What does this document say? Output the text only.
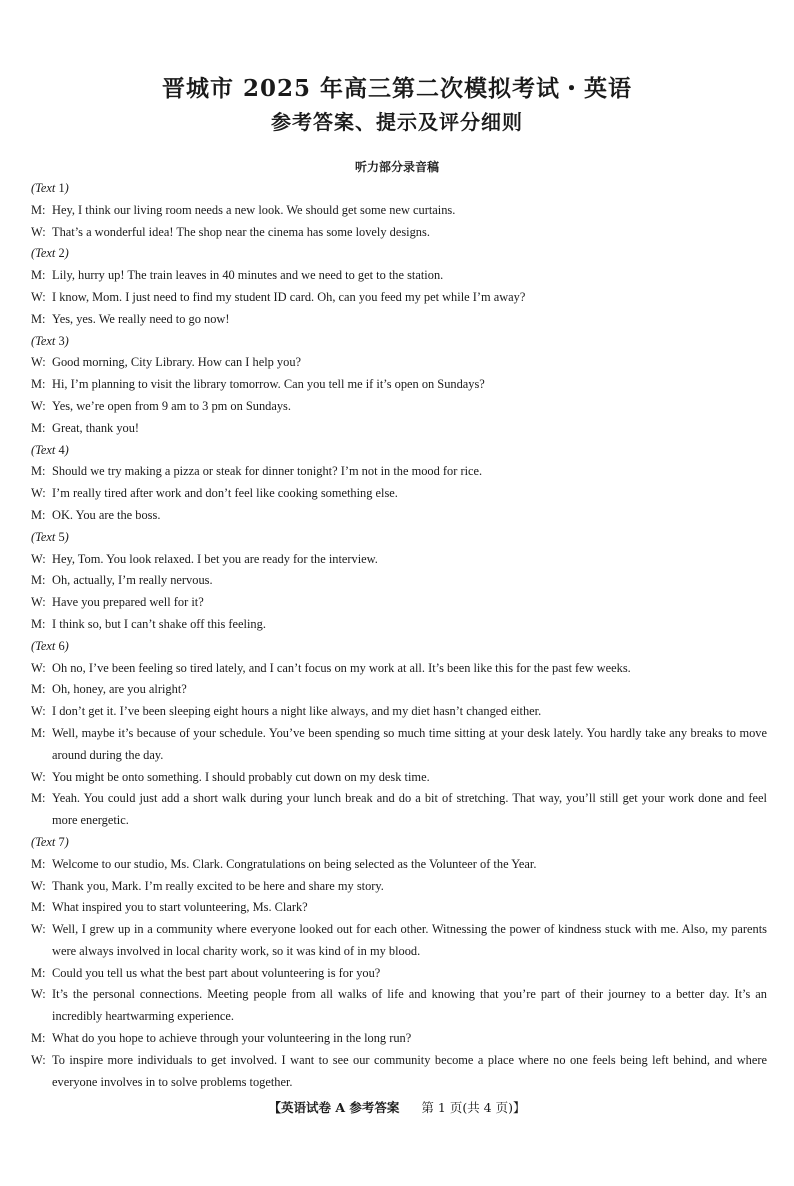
晋城市 2025 年高三第二次模拟考试・英语
参考答案、提示及评分细则
听力部分录音稿
(Text 1)
M: Hey, I think our living room needs a new look. We should get some new curtains.
W: That’s a wonderful idea! The shop near the cinema has some lovely designs.
(Text 2)
M: Lily, hurry up! The train leaves in 40 minutes and we need to get to the station.
W: I know, Mom. I just need to find my student ID card. Oh, can you feed my pet while I’m away?
M: Yes, yes. We really need to go now!
(Text 3)
W: Good morning, City Library. How can I help you?
M: Hi, I’m planning to visit the library tomorrow. Can you tell me if it’s open on Sundays?
W: Yes, we’re open from 9 am to 3 pm on Sundays.
M: Great, thank you!
(Text 4)
M: Should we try making a pizza or steak for dinner tonight? I’m not in the mood for rice.
W: I’m really tired after work and don’t feel like cooking something else.
M: OK. You are the boss.
(Text 5)
W: Hey, Tom. You look relaxed. I bet you are ready for the interview.
M: Oh, actually, I’m really nervous.
W: Have you prepared well for it?
M: I think so, but I can’t shake off this feeling.
(Text 6)
W: Oh no, I’ve been feeling so tired lately, and I can’t focus on my work at all. It’s been like this for the past few weeks.
M: Oh, honey, are you alright?
W: I don’t get it. I’ve been sleeping eight hours a night like always, and my diet hasn’t changed either.
M: Well, maybe it’s because of your schedule. You’ve been spending so much time sitting at your desk lately. You hardly take any breaks to move around during the day.
W: You might be onto something. I should probably cut down on my desk time.
M: Yeah. You could just add a short walk during your lunch break and do a bit of stretching. That way, you’ll still get your work done and feel more energetic.
(Text 7)
M: Welcome to our studio, Ms. Clark. Congratulations on being selected as the Volunteer of the Year.
W: Thank you, Mark. I’m really excited to be here and share my story.
M: What inspired you to start volunteering, Ms. Clark?
W: Well, I grew up in a community where everyone looked out for each other. Witnessing the power of kindness stuck with me. Also, my parents were always involved in local charity work, so it was kind of in my blood.
M: Could you tell us what the best part about volunteering is for you?
W: It’s the personal connections. Meeting people from all walks of life and knowing that you’re part of their journey to a better day. It’s an incredibly heartwarming experience.
M: What do you hope to achieve through your volunteering in the long run?
W: To inspire more individuals to get involved. I want to see our community become a place where no one feels being left behind, and where everyone involves in to solve problems together.
【英语试卷 A 参考答案 第 1 页(共 4 页)】
